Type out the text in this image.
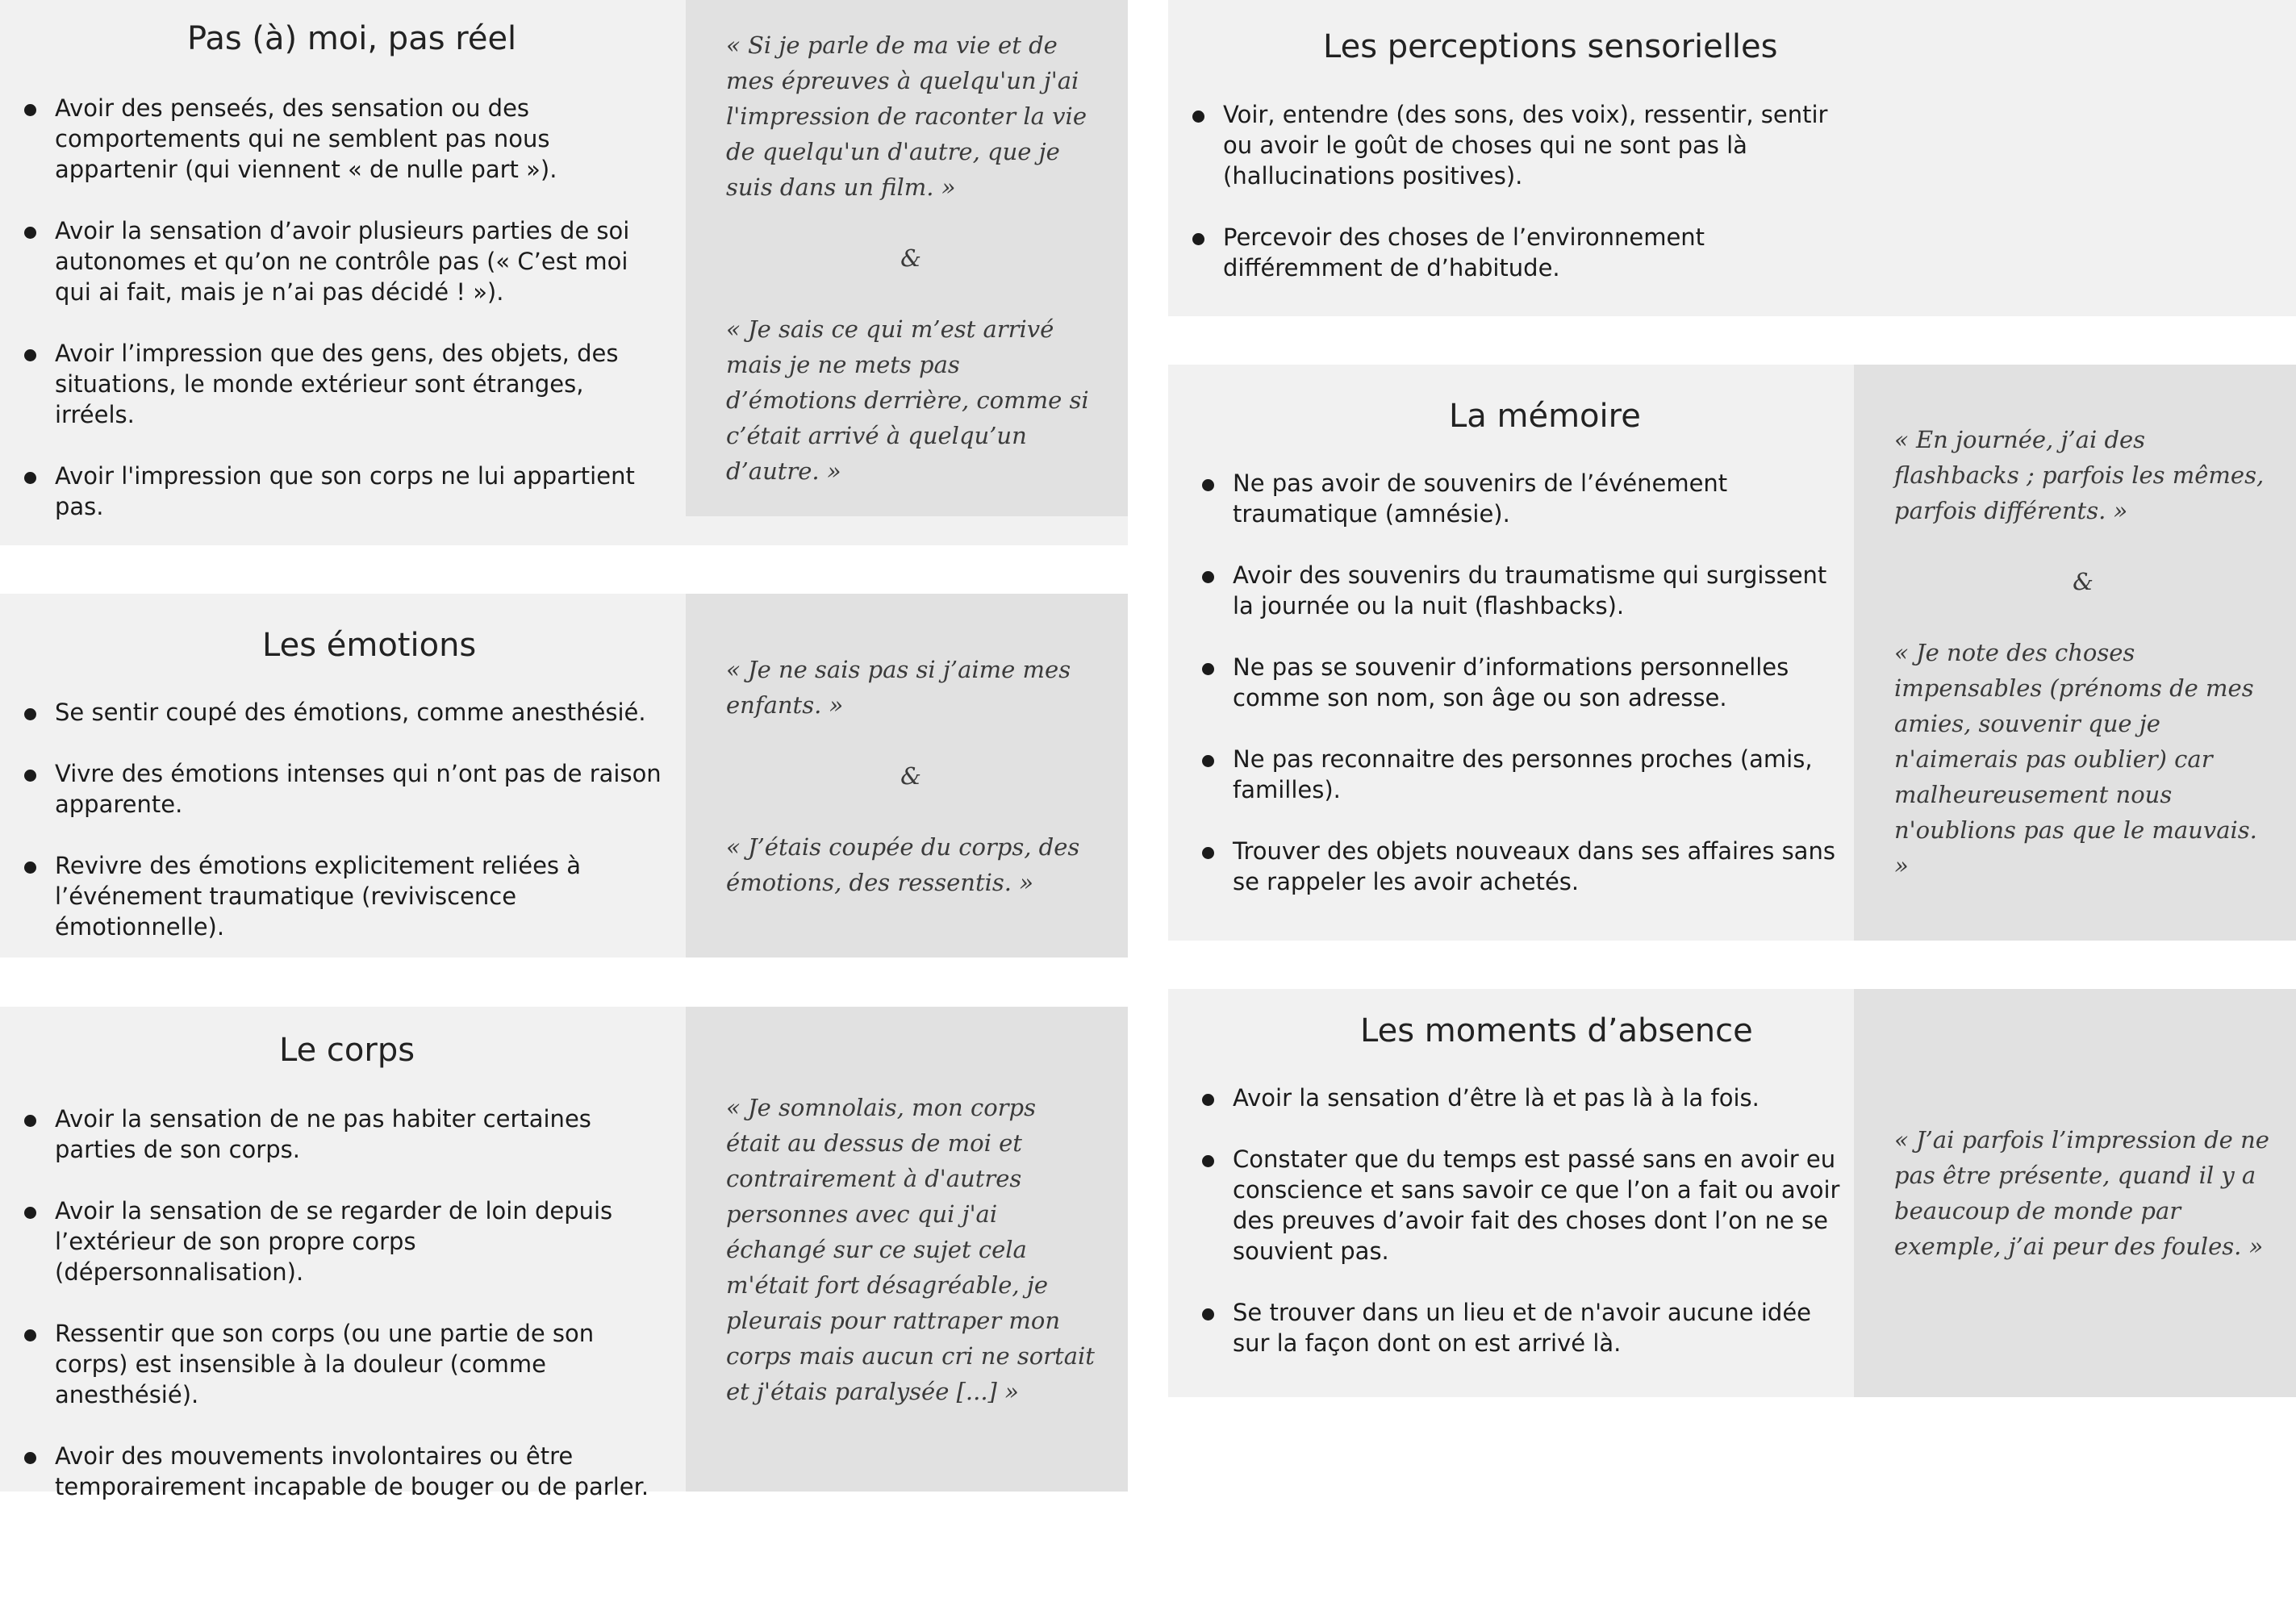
Pas (à) moi, pas réel
Avoir des penseés, des sensation ou des comportements qui ne semblent pas nous appartenir (qui viennent « de nulle part »).
Avoir la sensation d’avoir plusieurs parties de soi autonomes et qu’on ne contrôle pas (« C’est moi qui ai fait, mais je n’ai pas décidé ! »).
Avoir l’impression que des gens, des objets, des situations, le monde extérieur sont étranges, irréels.
Avoir l'impression que son corps ne lui appartient pas.

« Si je parle de ma vie et de mes épreuves à quelqu'un j'ai l'impression de raconter la vie de quelqu'un d'autre, que je suis dans un film. »

&

« Je sais ce qui m’est arrivé mais je ne mets pas d’émotions derrière, comme si c’était arrivé à quelqu’un d’autre. »

Les émotions
Se sentir coupé des émotions, comme anesthésié.
Vivre des émotions intenses qui n’ont pas de raison apparente.
Revivre des émotions explicitement reliées à l’événement traumatique (reviviscence émotionnelle).

« Je ne sais pas si j’aime mes enfants. »

&

« J’étais coupée du corps, des émotions, des ressentis. »

Le corps
Avoir la sensation de ne pas habiter certaines parties de son corps.
Avoir la sensation de se regarder de loin depuis l’extérieur de son propre corps (dépersonnalisation).
Ressentir que son corps (ou une partie de son corps) est insensible à la douleur (comme anesthésié).
Avoir des mouvements involontaires ou être temporairement incapable de bouger ou de parler.

« Je somnolais, mon corps était au dessus de moi et contrairement à d'autres personnes avec qui j'ai échangé sur ce sujet cela m'était fort désagréable, je pleurais pour rattraper mon corps mais aucun cri ne sortait et j'étais paralysée [...] »

Les perceptions sensorielles
Voir, entendre (des sons, des voix), ressentir, sentir ou avoir le goût de choses qui ne sont pas là (hallucinations positives).
Percevoir des choses de l’environnement différemment de d’habitude.
La mémoire
Ne pas avoir de souvenirs de l’événement traumatique (amnésie).
Avoir des souvenirs du traumatisme qui surgissent la journée ou la nuit (flashbacks).
Ne pas se souvenir d’informations personnelles comme son nom, son âge ou son adresse.
Ne pas reconnaitre des personnes proches (amis, familles).
Trouver des objets nouveaux dans ses affaires sans se rappeler les avoir achetés.

« En journée, j’ai des flashbacks ; parfois les mêmes, parfois différents. »

&

« Je note des choses impensables (prénoms de mes amies, souvenir que je n'aimerais pas oublier) car malheureusement nous n'oublions pas que le mauvais. »

Les moments d’absence
Avoir la sensation d’être là et pas là à la fois.
Constater que du temps est passé sans en avoir eu conscience et sans savoir ce que l’on a fait ou avoir des preuves d’avoir fait des choses dont l’on ne se souvient pas.
Se trouver dans un lieu et de n'avoir aucune idée sur la façon dont on est arrivé là.

« J’ai parfois l’impression de ne pas être présente, quand il y a beaucoup de monde par exemple, j’ai peur des foules. »
